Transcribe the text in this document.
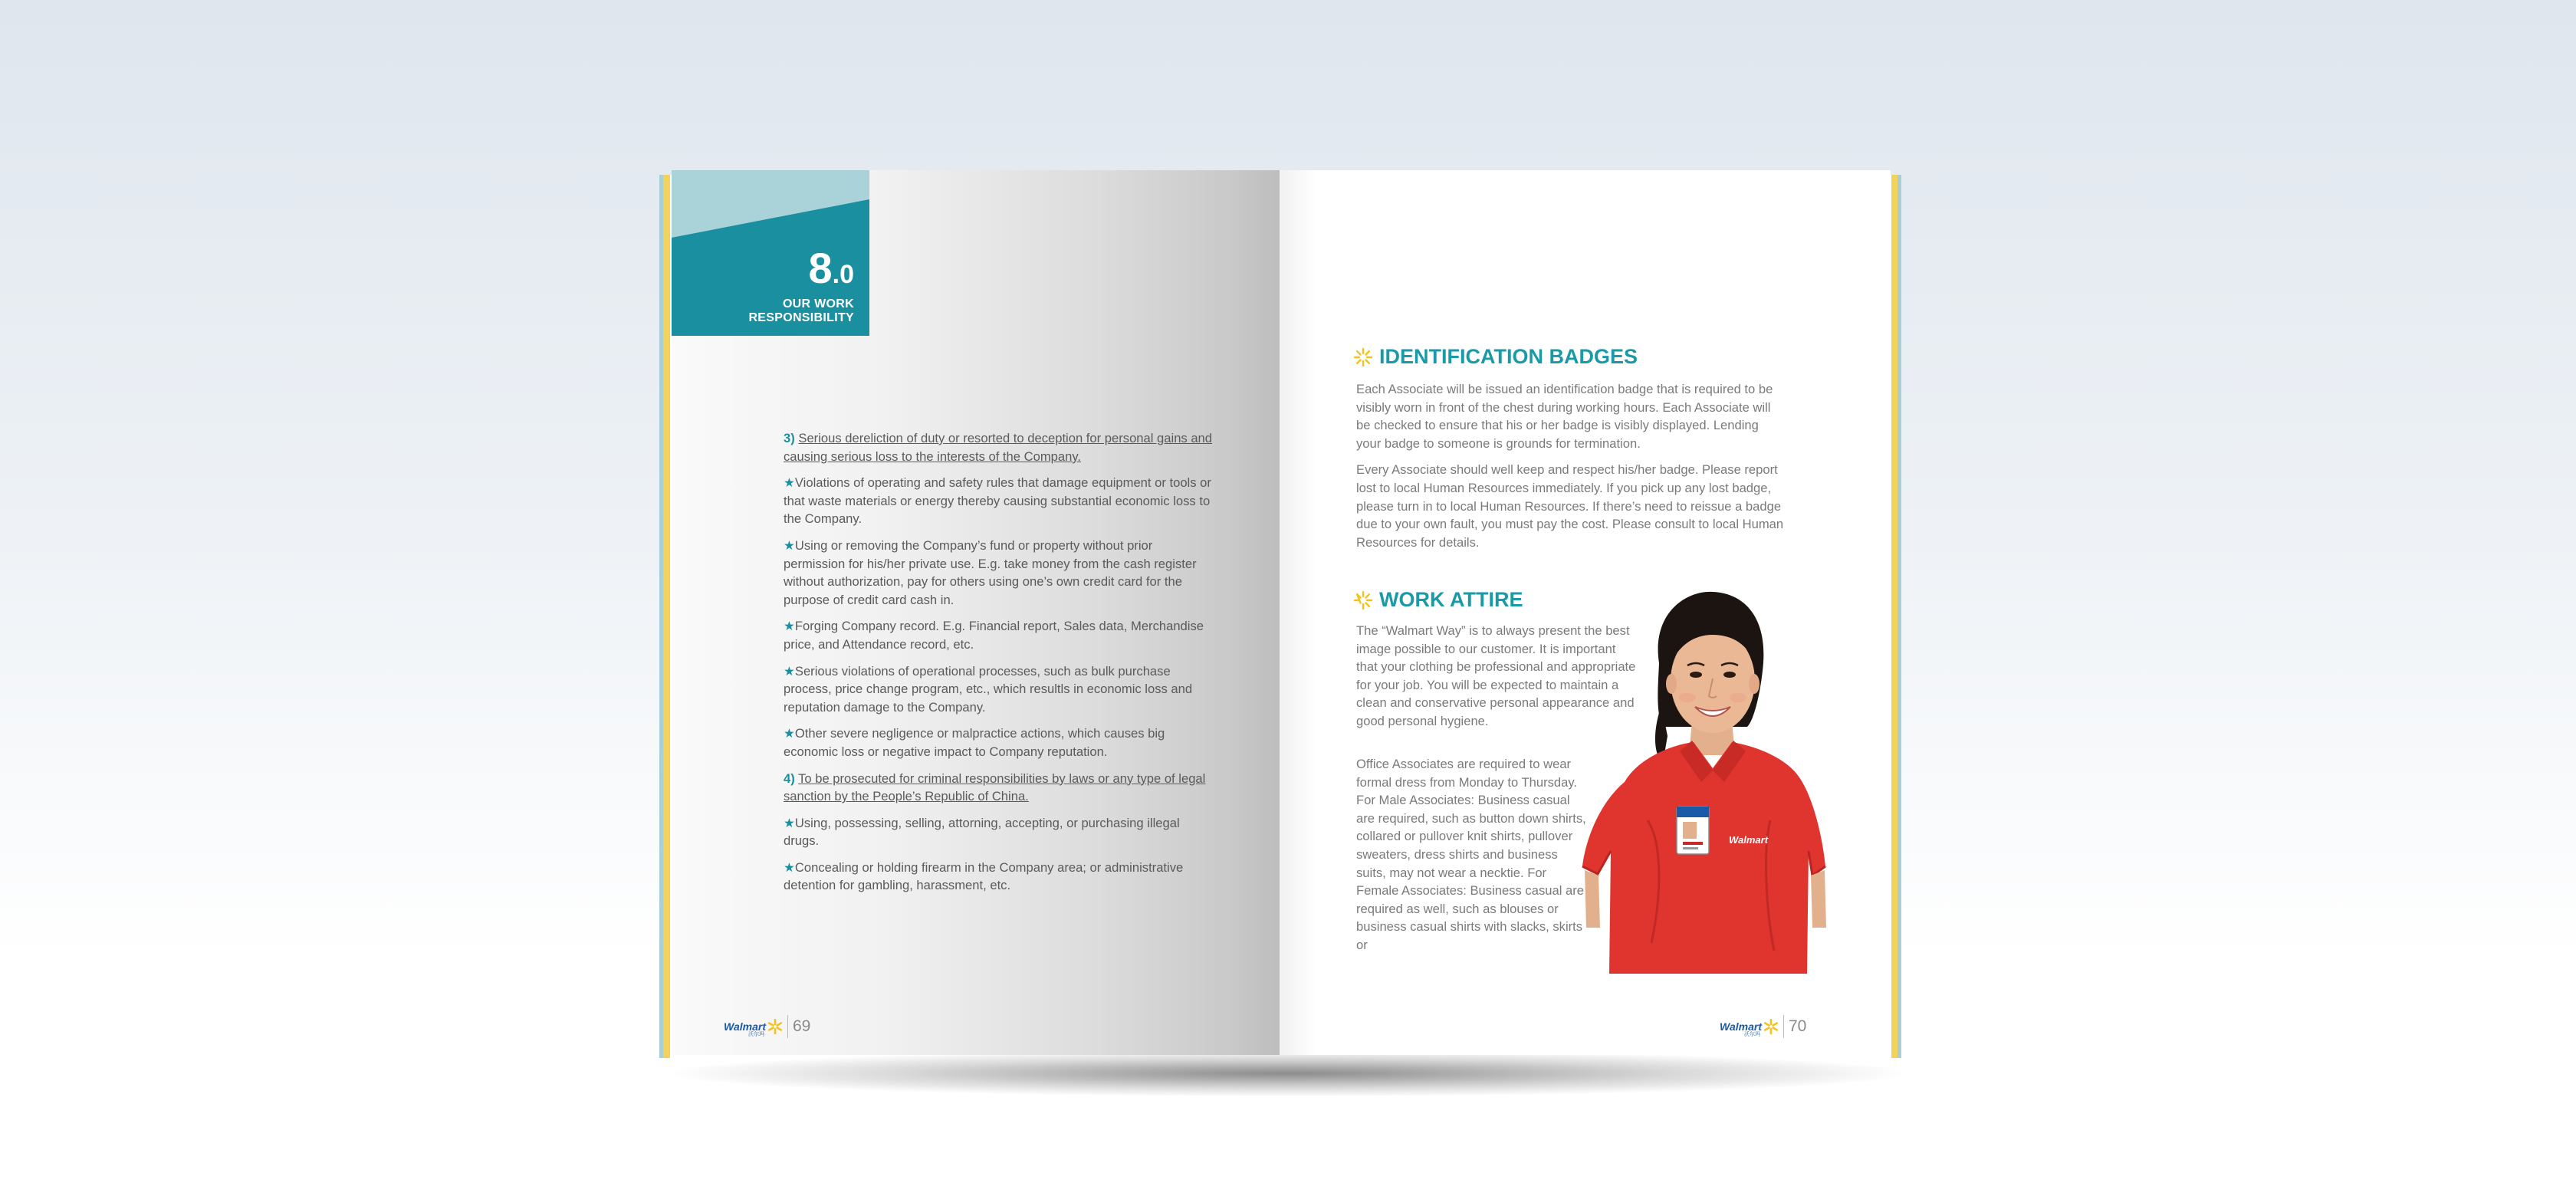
8.0
OUR WORK
RESPONSIBILITY

3) Serious dereliction of duty or resorted to deception for personal gains and causing serious loss to the interests of the Company.

★Violations of operating and safety rules that damage equipment or tools or that waste materials or energy thereby causing substantial economic loss to the Company.

★Using or removing the Company’s fund or property without prior permission for his/her private use. E.g. take money from the cash register without authorization, pay for others using one’s own credit card for the purpose of credit card cash in.

★Forging Company record. E.g. Financial report, Sales data, Merchandise price, and Attendance record, etc.

★Serious violations of operational processes, such as bulk purchase process, price change program, etc., which resultls in economic loss and reputation damage to the Company.

★Other severe negligence or malpractice actions, which causes big economic loss or negative impact to Company reputation.

4) To be prosecuted for criminal responsibilities by laws or any type of legal sanction by the People’s Republic of China.

★Using, possessing, selling, attorning, accepting, or purchasing illegal drugs.

★Concealing or holding firearm in the Company area; or administrative detention for gambling, harassment, etc.

Walmart
沃尔玛 69
IDENTIFICATION BADGES

Each Associate will be issued an identification badge that is required to be visibly worn in front of the chest during working hours. Each Associate will be checked to ensure that his or her badge is visibly displayed. Lending your badge to someone is grounds for termination.

Every Associate should well keep and respect his/her badge. Please report lost to local Human Resources immediately. If you pick up any lost badge, please turn in to local Human Resources. If there’s need to reissue a badge due to your own fault, you must pay the cost. Please consult to local Human Resources for details.

WORK ATTIRE

The “Walmart Way” is to always present the best image possible to our customer. It is important that your clothing be professional and appropriate for your job. You will be expected to maintain a clean and conservative personal appearance and good personal hygiene.

Office Associates are required to wear formal dress from Monday to Thursday. For Male Associates: Business casual are required, such as button down shirts, collared or pullover knit shirts, pullover sweaters, dress shirts and business suits, may not wear a necktie. For Female Associates: Business casual are required as well, such as blouses or business casual shirts with slacks, skirts or

Walmart
Walmart
沃尔玛 70
